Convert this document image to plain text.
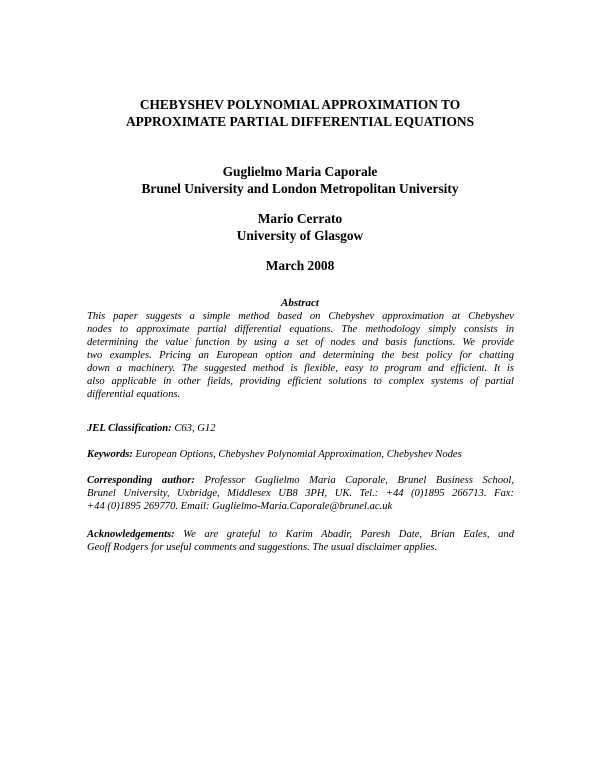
CHEBYSHEV POLYNOMIAL APPROXIMATION TO
APPROXIMATE PARTIAL DIFFERENTIAL EQUATIONS
Guglielmo Maria Caporale
Brunel University and London Metropolitan University
Mario Cerrato
University of Glasgow
March 2008
Abstract
This paper suggests a simple method based on Chebyshev approximation at Chebyshev
nodes to approximate partial differential equations. The methodology simply consists in
determining the value function by using a set of nodes and basis functions. We provide
two examples. Pricing an European option and determining the best policy for chatting
down a machinery. The suggested method is flexible, easy to program and efficient. It is
also applicable in other fields, providing efficient solutions to complex systems of partial
differential equations.
JEL Classification: C63, G12
Keywords: European Options, Chebyshev Polynomial Approximation, Chebyshev Nodes
Corresponding author: Professor Guglielmo Maria Caporale, Brunel Business School,
Brunel University, Uxbridge, Middlesex UB8 3PH, UK. Tel.: +44 (0)1895 266713. Fax:
+44 (0)1895 269770. Email: Guglielmo-Maria.Caporale@brunel.ac.uk
Acknowledgements: We are grateful to Karim Abadir, Paresh Date, Brian Eales, and
Geoff Rodgers for useful comments and suggestions. The usual disclaimer applies.
